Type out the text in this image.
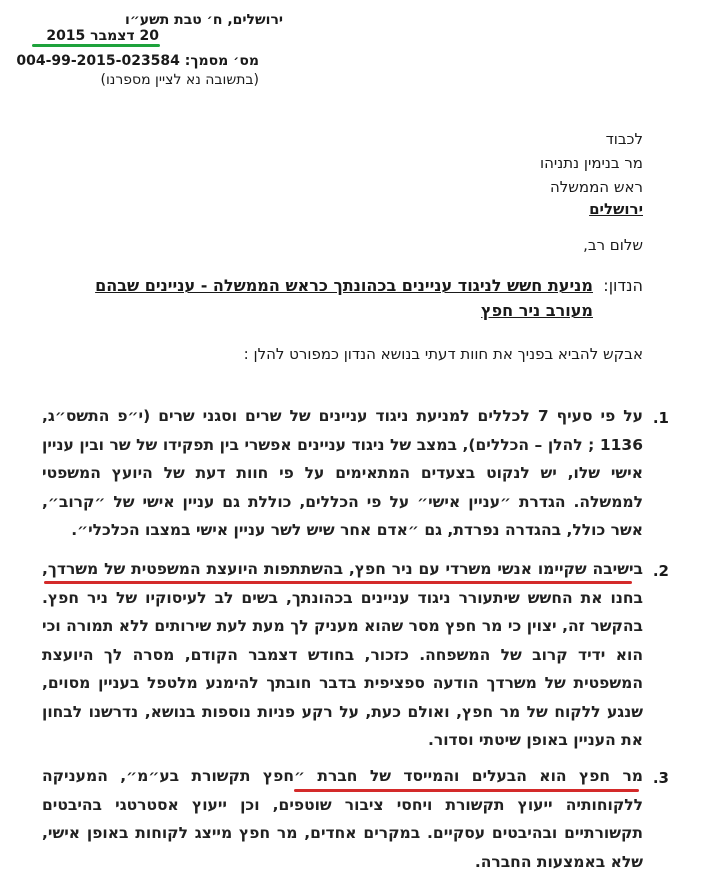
ירושלים, ח׳ טבת תשע״ו
20 דצמבר 2015
מס׳ מסמך: 004-99-2015-023584
(בתשובה נא לציין מספרנו)
לכבוד
מר בנימין נתניהו
ראש הממשלה
ירושלים
שלום רב,
הנדון:
מניעת חשש לניגוד עניינים בכהונתך כראש הממשלה - עניינים שבהם
מעורב ניר חפץ
אבקש להביא בפניך את חוות דעתי בנושא הנדון כמפורט להלן :
.1
על פי סעיף 7 לכללים למניעת ניגוד עניינים של שרים וסגני שרים (י״פ התשס״ג, 1136 ; להלן – הכללים), במצב של ניגוד עניינים אפשרי בין תפקידו של שר ובין עניין אישי שלו, יש לנקוט בצעדים המתאימים על פי חוות דעת של היועץ המשפטי לממשלה. הגדרת ״עניין אישי״ על פי הכללים, כוללת גם עניין אישי של ״קרוב״, אשר כולל, בהגדרה נפרדת, גם ״אדם אחר שיש לשר עניין אישי במצבו הכלכלי״.
.2
בישיבה שקיימו אנשי משרדי עם ניר חפץ, בהשתתפות היועצת המשפטית של משרדך, בחנו את החשש שיתעורר ניגוד עניינים בכהונתך, בשים לב לעיסוקיו של ניר חפץ. בהקשר זה, יצוין כי מר חפץ מסר שהוא מעניק לך מעת לעת שירותים ללא תמורה וכי הוא ידיד קרוב של המשפחה. כזכור, בחודש דצמבר הקודם, מסרה לך היועצת המשפטית של משרדך הודעה ספציפית בדבר חובתך להימנע מלטפל בעניין מסוים, שנגע ללקוח של מר חפץ, ואולם כעת, על רקע פניות נוספות בנושא, נדרשנו לבחון את העניין באופן שיטתי וסדור.
.3
מר חפץ הוא הבעלים והמייסד של חברת ״חפץ תקשורת בע״מ״, המעניקה ללקוחותיה ייעוץ תקשורת ויחסי ציבור שוטפים, וכן ייעוץ אסטרטגי בהיבטים תקשורתיים ובהיבטים עסקיים. במקרים אחדים, מר חפץ מייצג לקוחות באופן אישי, שלא באמצעות החברה.
